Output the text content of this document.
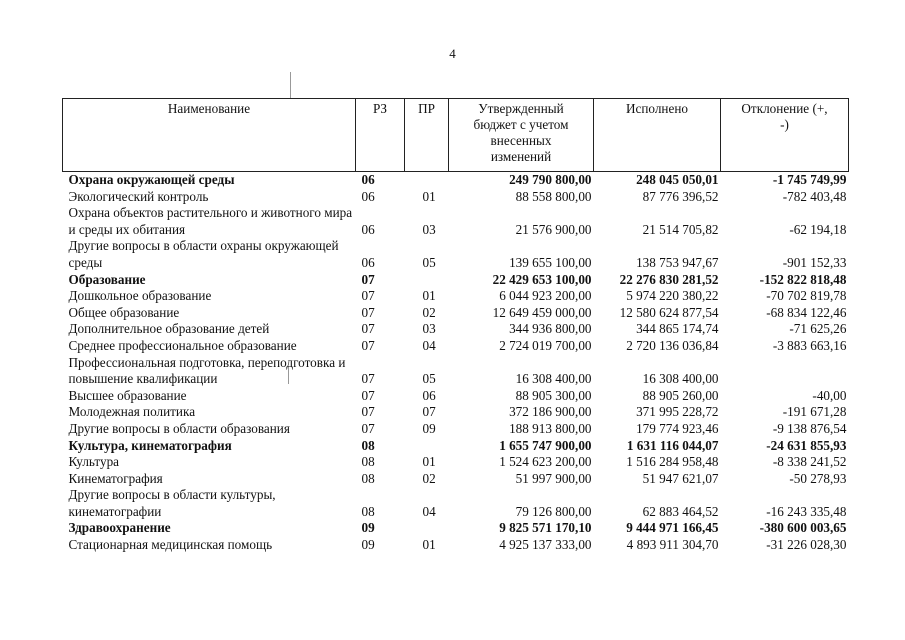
4
Наименование	РЗ	ПР	Утвержденный бюджет с учетом внесенных изменений	Исполнено	Отклонение (+, -)
Охрана окружающей среды	06		249 790 800,00	248 045 050,01	-1 745 749,99
Экологический контроль	06	01	88 558 800,00	87 776 396,52	-782 403,48
Охрана объектов растительного и животного мира и среды их обитания	06	03	21 576 900,00	21 514 705,82	-62 194,18
Другие вопросы в области охраны окружающей среды	06	05	139 655 100,00	138 753 947,67	-901 152,33
Образование	07		22 429 653 100,00	22 276 830 281,52	-152 822 818,48
Дошкольное образование	07	01	6 044 923 200,00	5 974 220 380,22	-70 702 819,78
Общее образование	07	02	12 649 459 000,00	12 580 624 877,54	-68 834 122,46
Дополнительное образование детей	07	03	344 936 800,00	344 865 174,74	-71 625,26
Среднее профессиональное образование	07	04	2 724 019 700,00	2 720 136 036,84	-3 883 663,16
Профессиональная подготовка, переподготовка и повышение квалификации	07	05	16 308 400,00	16 308 400,00	
Высшее образование	07	06	88 905 300,00	88 905 260,00	-40,00
Молодежная политика	07	07	372 186 900,00	371 995 228,72	-191 671,28
Другие вопросы в области образования	07	09	188 913 800,00	179 774 923,46	-9 138 876,54
Культура, кинематография	08		1 655 747 900,00	1 631 116 044,07	-24 631 855,93
Культура	08	01	1 524 623 200,00	1 516 284 958,48	-8 338 241,52
Кинематография	08	02	51 997 900,00	51 947 621,07	-50 278,93
Другие вопросы в области культуры, кинематографии	08	04	79 126 800,00	62 883 464,52	-16 243 335,48
Здравоохранение	09		9 825 571 170,10	9 444 971 166,45	-380 600 003,65
Стационарная медицинская помощь	09	01	4 925 137 333,00	4 893 911 304,70	-31 226 028,30
